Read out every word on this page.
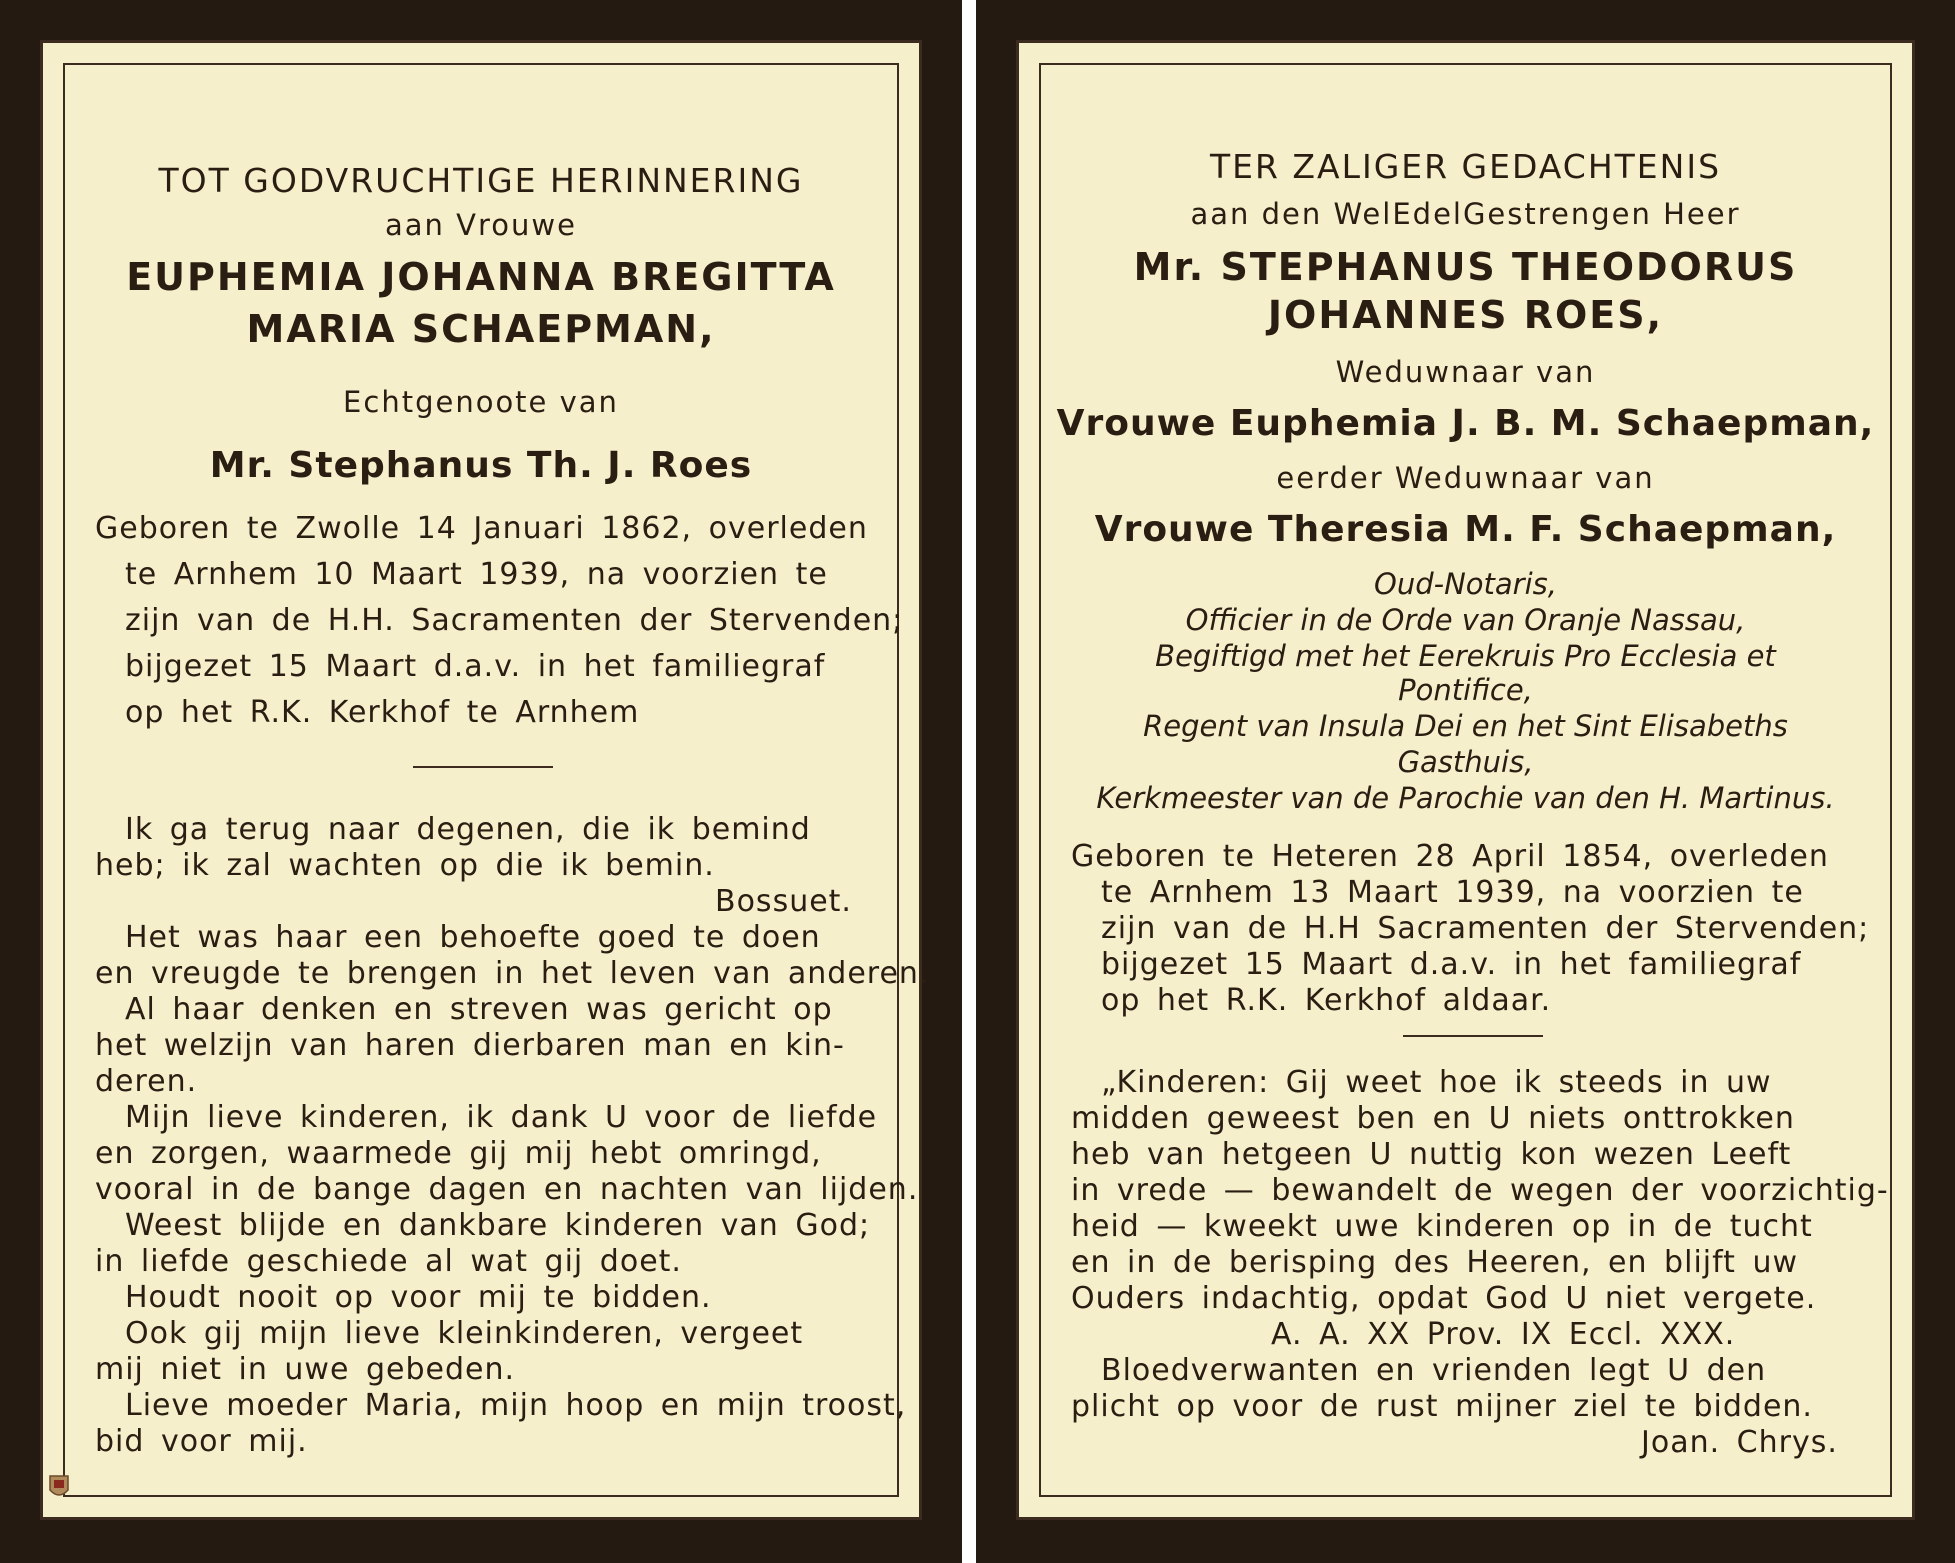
TOT GODVRUCHTIGE HERINNERING
aan Vrouwe
EUPHEMIA JOHANNA BREGITTA
MARIA SCHAEPMAN,
Echtgenoote van
Mr. Stephanus Th. J. Roes
Geboren te Zwolle 14 Januari 1862, overleden
te Arnhem 10 Maart 1939, na voorzien te
zijn van de H.H. Sacramenten der Stervenden;
bijgezet 15 Maart d.a.v. in het familiegraf
op het R.K. Kerkhof te Arnhem
Ik ga terug naar degenen, die ik bemind
heb; ik zal wachten op die ik bemin.
Bossuet.
Het was haar een behoefte goed te doen
en vreugde te brengen in het leven van anderen.
Al haar denken en streven was gericht op
het welzijn van haren dierbaren man en kin-
deren.
Mijn lieve kinderen, ik dank U voor de liefde
en zorgen, waarmede gij mij hebt omringd,
vooral in de bange dagen en nachten van lijden.
Weest blijde en dankbare kinderen van God;
in liefde geschiede al wat gij doet.
Houdt nooit op voor mij te bidden.
Ook gij mijn lieve kleinkinderen, vergeet
mij niet in uwe gebeden.
Lieve moeder Maria, mijn hoop en mijn troost,
bid voor mij.
TER ZALIGER GEDACHTENIS
aan den WelEdelGestrengen Heer
Mr. STEPHANUS THEODORUS
JOHANNES ROES,
Weduwnaar van
Vrouwe Euphemia J. B. M. Schaepman,
eerder Weduwnaar van
Vrouwe Theresia M. F. Schaepman,
Oud-Notaris,
Officier in de Orde van Oranje Nassau,
Begiftigd met het Eerekruis Pro Ecclesia et
Pontifice,
Regent van Insula Dei en het Sint Elisabeths
Gasthuis,
Kerkmeester van de Parochie van den H. Martinus.
Geboren te Heteren 28 April 1854, overleden
te Arnhem 13 Maart 1939, na voorzien te
zijn van de H.H Sacramenten der Stervenden;
bijgezet 15 Maart d.a.v. in het familiegraf
op het R.K. Kerkhof aldaar.
„Kinderen: Gij weet hoe ik steeds in uw
midden geweest ben en U niets onttrokken
heb van hetgeen U nuttig kon wezen Leeft
in vrede — bewandelt de wegen der voorzichtig-
heid — kweekt uwe kinderen op in de tucht
en in de berisping des Heeren, en blijft uw
Ouders indachtig, opdat God U niet vergete.
A. A. XX Prov. IX Eccl. XXX.
Bloedverwanten en vrienden legt U den
plicht op voor de rust mijner ziel te bidden.
Joan. Chrys.
